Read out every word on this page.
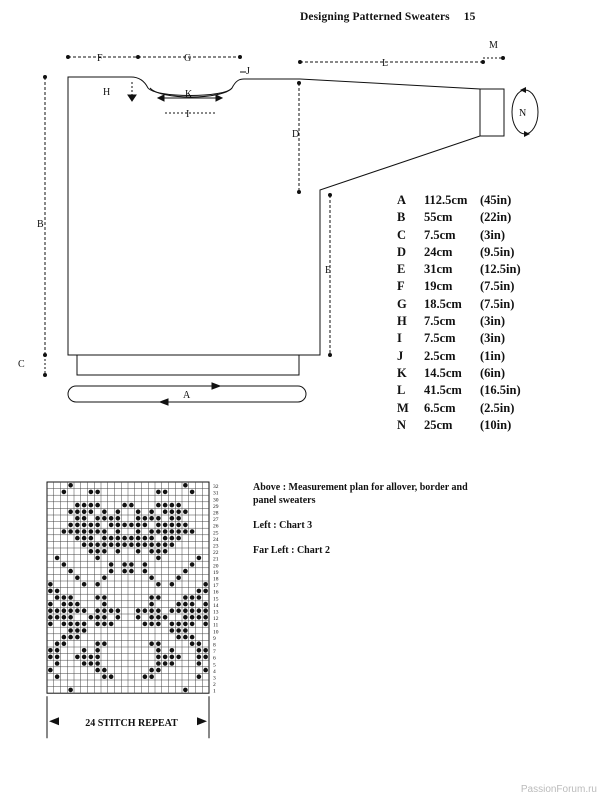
Designing Patterned Sweaters 15
F	G	L
M
J
H	K
I	N
D
B
E
C
A
A 112.5cm (45in)
B 55cm (22in)
C 7.5cm (3in)
D 24cm (9.5in)
E 31cm (12.5in)
F 19cm (7.5in)
G 18.5cm (7.5in)
H 7.5cm (3in)
I 7.5cm (3in)
J 2.5cm (1in)
K 14.5cm (6in)
L 41.5cm (16.5in)
M 6.5cm (2.5in)
N 25cm (10in)
1
2
3
4
5
6
7
8
9
10
11
12
13
14
15
16
17
18
19
20
21
22
23
24
25
26
27
28
29
30
31
32
24 STITCH REPEAT

Above : Measurement plan for allover, border and panel sweaters

Left : Chart 3

Far Left : Chart 2

PassionForum.ru
